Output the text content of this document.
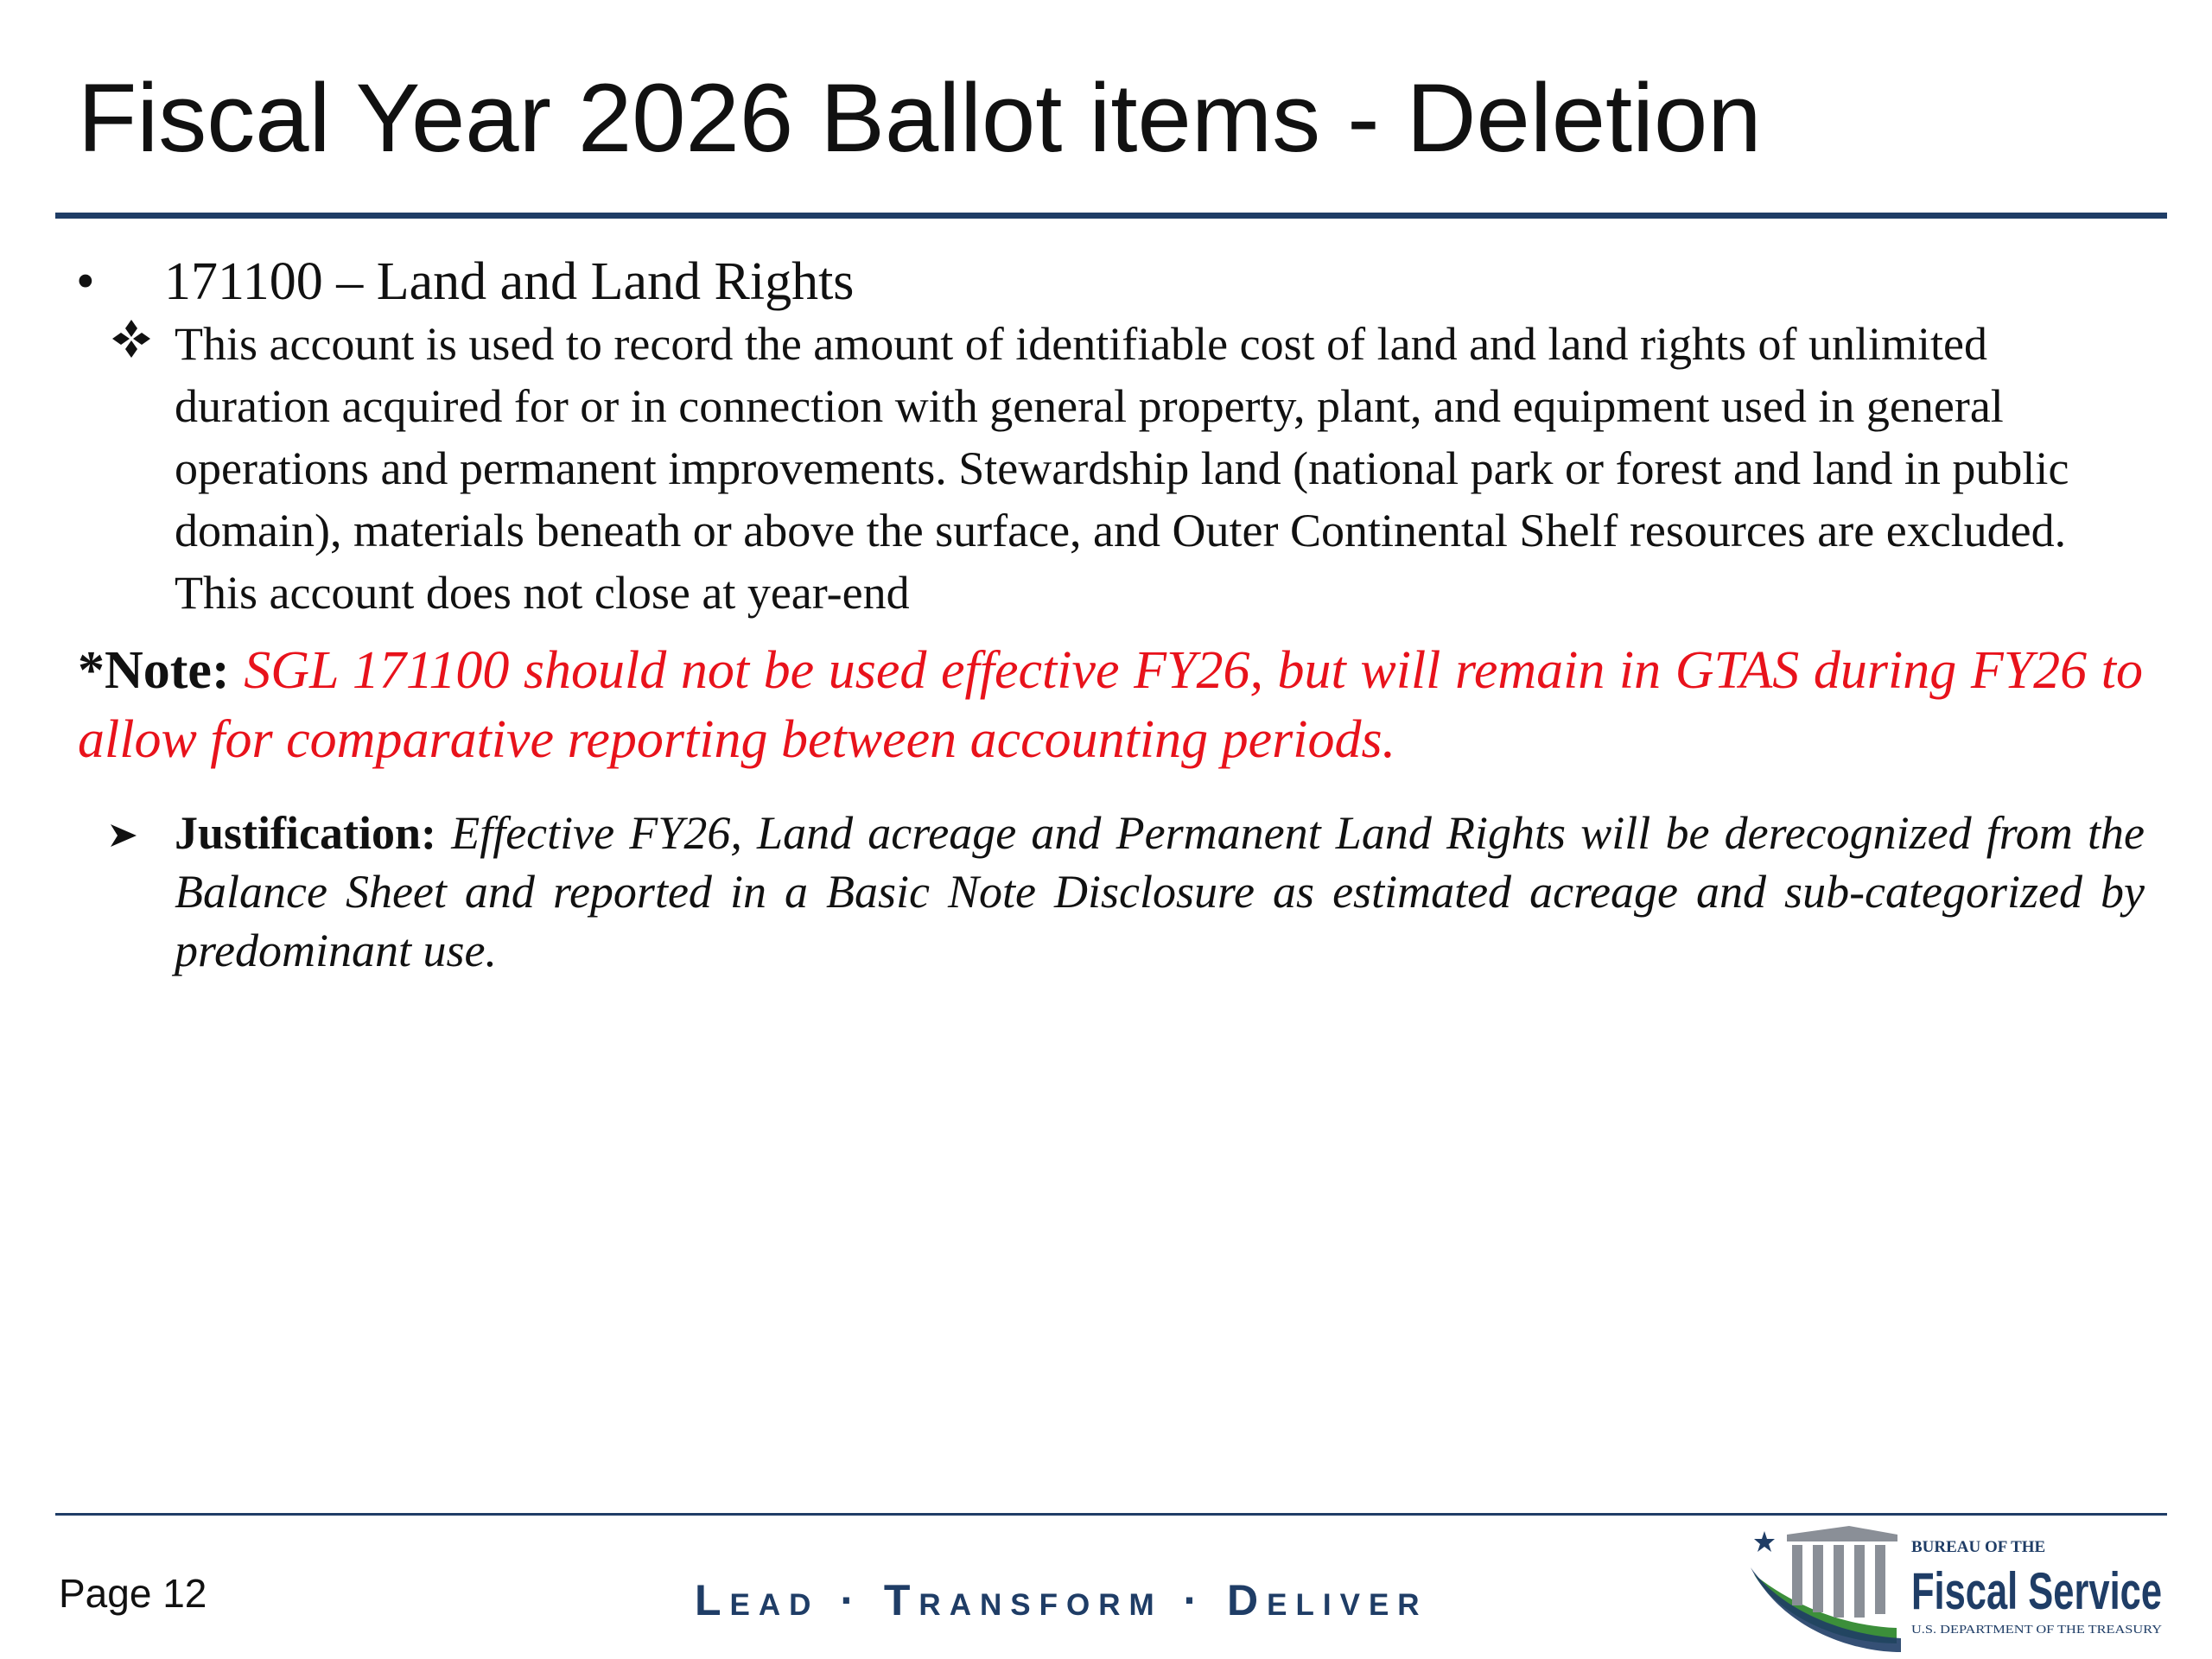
Fiscal Year 2026 Ballot items - Deletion
• 171100 – Land and Land Rights

This account is used to record the amount of identifiable cost of land and land rights of unlimited duration acquired for or in connection with general property, plant, and equipment used in general operations and permanent improvements. Stewardship land (national park or forest and land in public domain), materials beneath or above the surface, and Outer Continental Shelf resources are excluded. This account does not close at year-end

*Note: SGL 171100 should not be used effective FY26, but will remain in GTAS during FY26 to allow for comparative reporting between accounting periods.

Justification: Effective FY26, Land acreage and Permanent Land Rights will be derecognized from the Balance Sheet and reported in a Basic Note Disclosure as estimated acreage and sub-categorized by predominant use.

Page 12	Lead · Transform · Deliver
BUREAU OF THE
Fiscal Service
U.S. DEPARTMENT OF THE TREASURY
